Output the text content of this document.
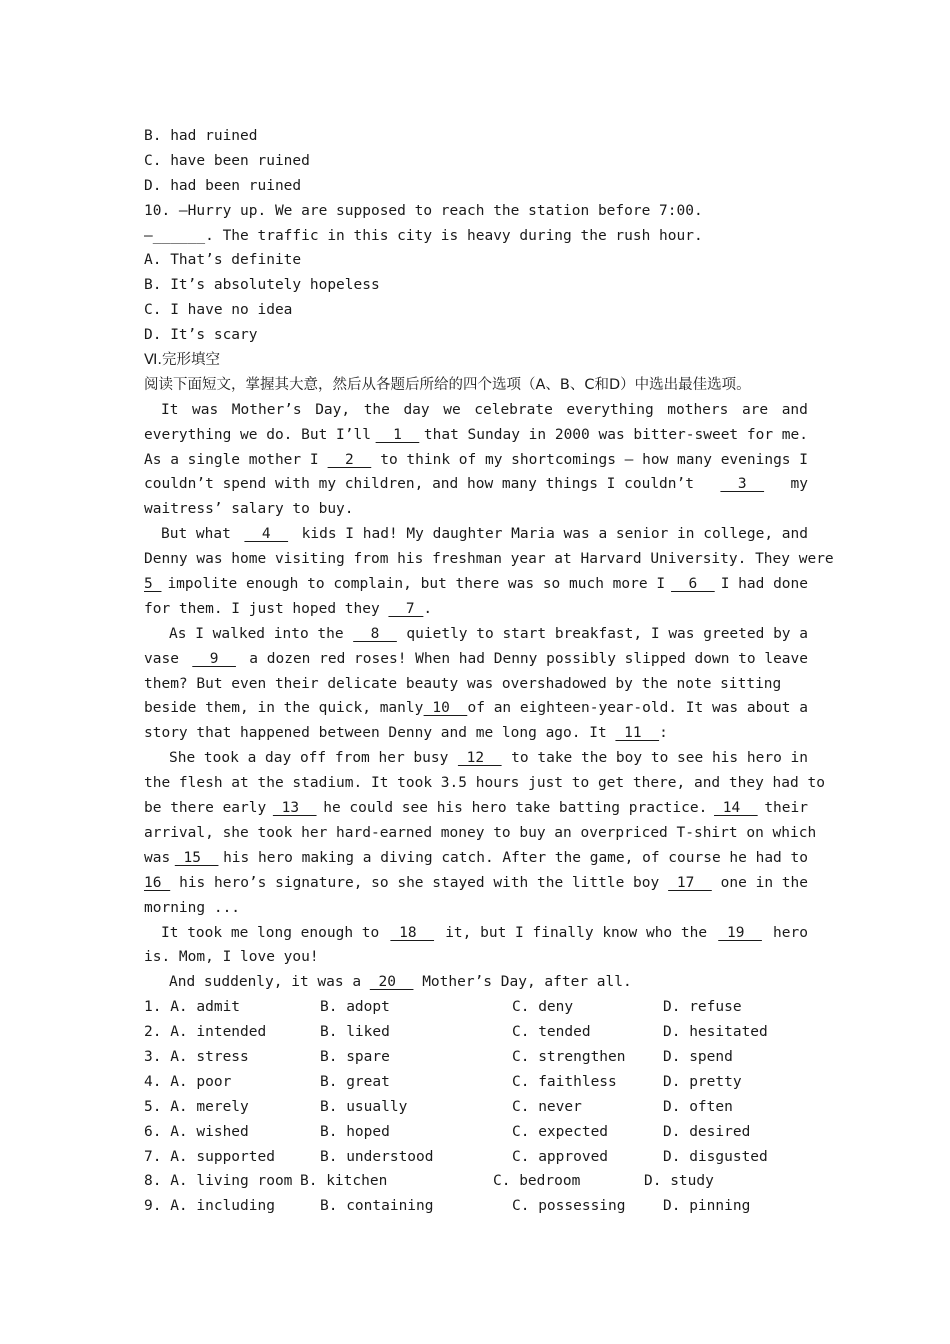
B. had ruined
C. have been ruined
D. had been ruined
10. —Hurry up. We are supposed to reach the station before 7:00.
—______. The traffic in this city is heavy during the rush hour.
A. That’s definite
B. It’s absolutely hopeless
C. I have no idea
D. It’s scary
Ⅵ.完形填空
阅读下面短文，掌握其大意，然后从各题后所给的四个选项（A、B、C和D）中选出最佳选项。
It was Mother’s Day, the day we celebrate everything mothers are and
everything we do. But I’ll 1 that Sunday in 2000 was bitter-sweet for me.
As a single mother I 2 to think of my shortcomings — how many evenings I
couldn’t spend with my children, and how many things I couldn’t 3 my
waitress’ salary to buy.
But what 4 kids I had! My daughter Maria was a senior in college, and
Denny was home visiting from his freshman year at Harvard University. They were
5 impolite enough to complain, but there was so much more I 6 I had done
for them. I just hoped they   7 .
As I walked into the 8 quietly to start breakfast, I was greeted by a
vase 9 a dozen red roses! When had Denny possibly slipped down to leave
them? But even their delicate beauty was overshadowed by the note sitting
beside them, in the quick, manly 10 of an eighteen-year-old. It was about a
story that happened between Denny and me long ago. It  11  :
She took a day off from her busy 12 to take the boy to see his hero in
the flesh at the stadium. It took 3.5 hours just to get there, and they had to
be there early 13 he could see his hero take batting practice. 14 their
arrival, she took her hard-earned money to buy an overpriced T-shirt on which
was 15 his hero making a diving catch. After the game, of course he had to
16 his hero’s signature, so she stayed with the little boy 17 one in the
morning ...
It took me long enough to 18 it, but I finally know who the 19 hero
is. Mom, I love you!
And suddenly, it was a  20   Mother’s Day, after all.

1. A. admit	B. adopt	C. deny	D. refuse

2. A. intended	B. liked	C. tended	D. hesitated

3. A. stress	B. spare	C. strengthen	D. spend

4. A. poor	B. great	C. faithless	D. pretty

5. A. merely	B. usually	C. never	D. often

6. A. wished	B. hoped	C. expected	D. desired

7. A. supported	B. understood	C. approved	D. disgusted

8. A. living room B. kitchen	C. bedroom	D. study

9. A. including	B. containing	C. possessing	D. pinning
